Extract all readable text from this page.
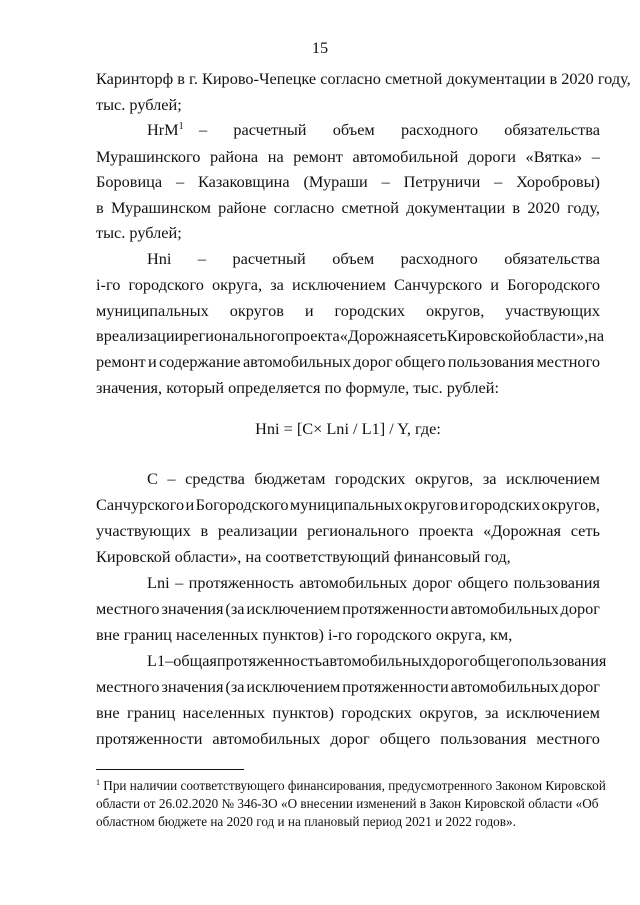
15
Каринторф в г. Кирово-Чепецке согласно сметной документации в 2020 году,
тыс. рублей;
НrМ$^1$ – расчетный объем расходного обязательства
Мурашинского района на ремонт автомобильной дороги «Вятка» –
Боровица – Казаковщина (Мураши – Петруничи – Хоробровы)
в Мурашинском районе согласно сметной документации в 2020 году,
тыс. рублей;
Нni – расчетный объем расходного обязательства
i-го городского округа, за исключением Санчурского и Богородского
муниципальных округов и городских округов, участвующих
в реализации регионального проекта «Дорожная сеть Кировской области», на
ремонт и содержание автомобильных дорог общего пользования местного
значения, который определяется по формуле, тыс. рублей:
Нni = [С× Lni / L1] / Y, где:
С – средства бюджетам городских округов, за исключением
Санчурского и Богородского муниципальных округов и городских округов,
участвующих в реализации регионального проекта «Дорожная сеть
Кировской области», на соответствующий финансовый год,
Lni – протяженность автомобильных дорог общего пользования
местного значения (за исключением протяженности автомобильных дорог
вне границ населенных пунктов) i-го городского округа, км,
L1 – общая протяженность автомобильных дорог общего пользования
местного значения (за исключением протяженности автомобильных дорог
вне границ населенных пунктов) городских округов, за исключением
протяженности автомобильных дорог общего пользования местного
$^1$ При наличии соответствующего финансирования, предусмотренного Законом Кировской
области от 26.02.2020 № 346-ЗО «О внесении изменений в Закон Кировской области «Об
областном бюджете на 2020 год и на плановый период 2021 и 2022 годов».
